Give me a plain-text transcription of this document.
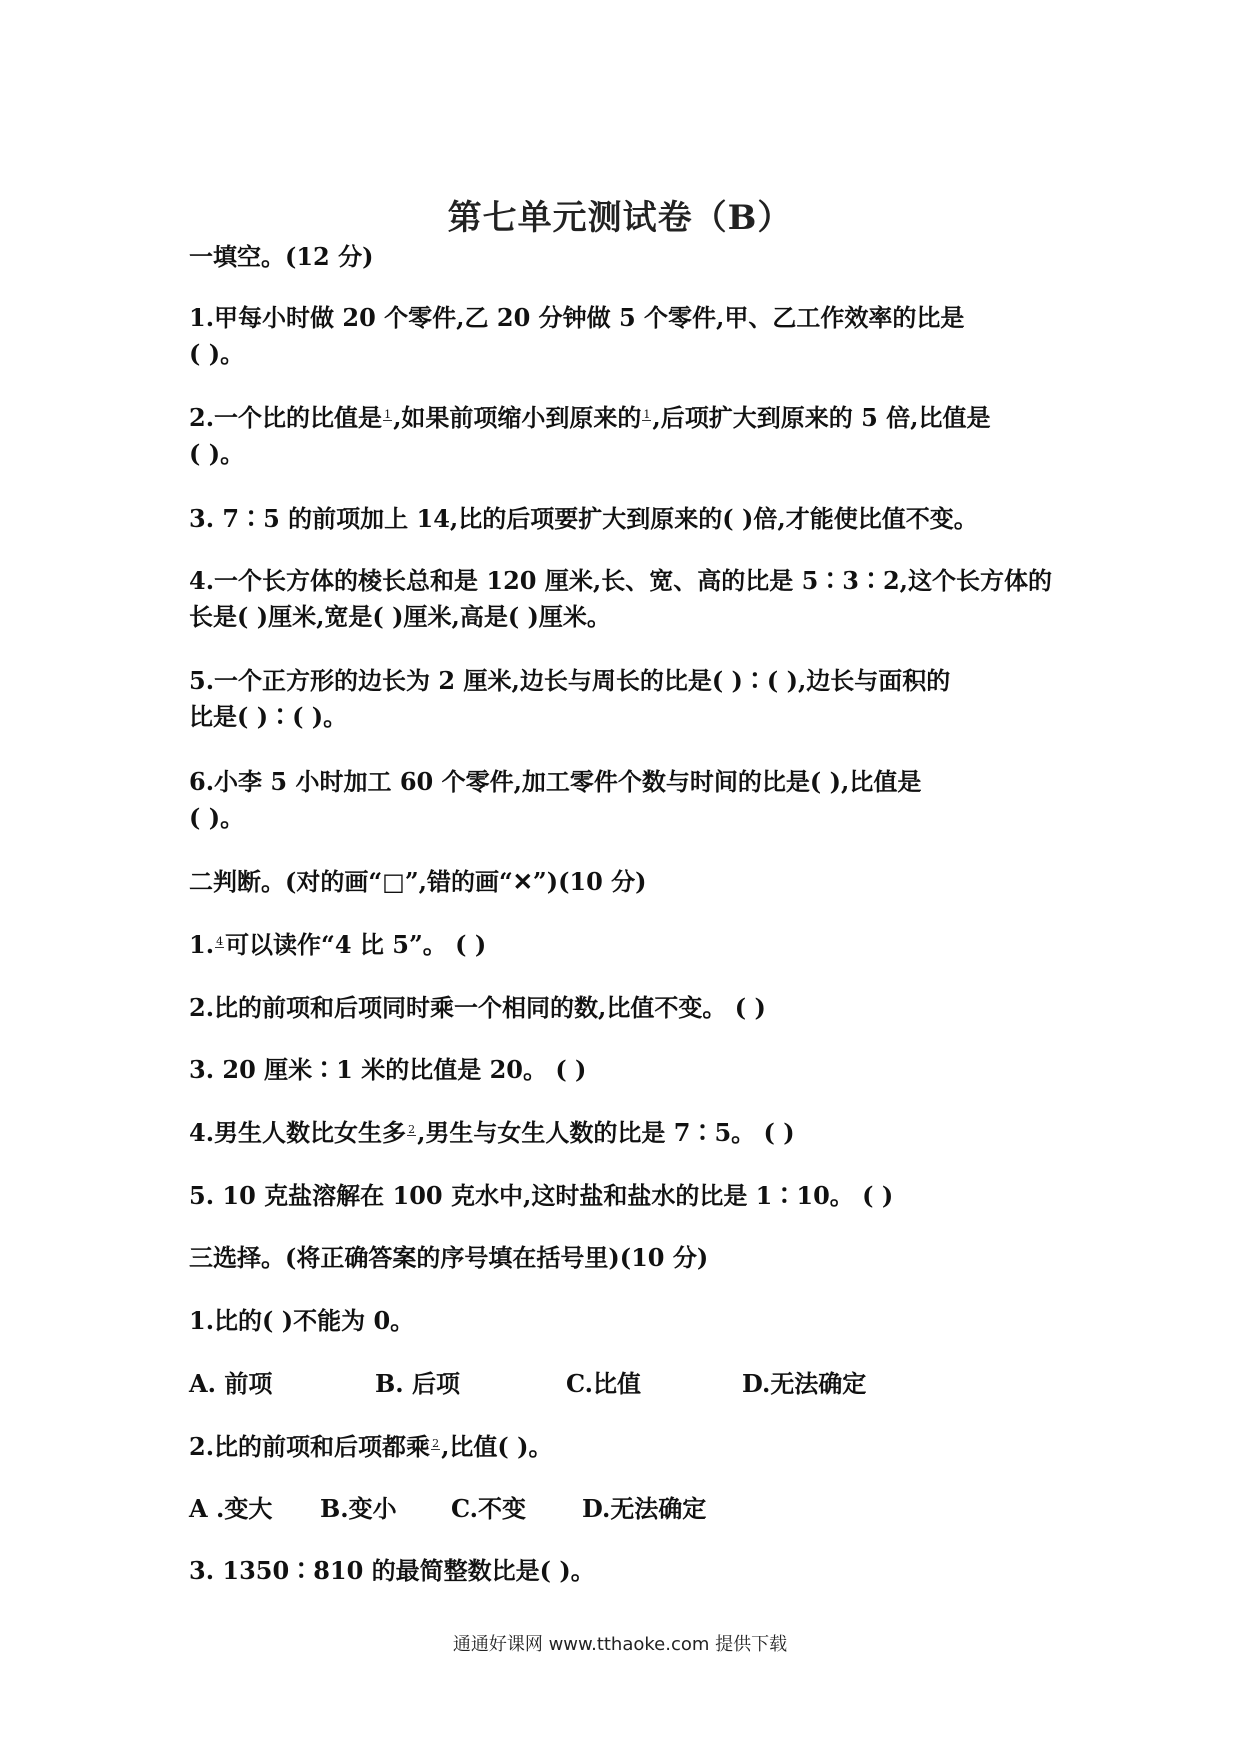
第七单元测试卷（B）
一填空。(12 分)
1.甲每小时做 20 个零件,乙 20 分钟做 5 个零件,甲、乙工作效率的比是
( )。
2.一个比的比值是 1 ,如果前项缩小到原来的 1 ,后项扩大到原来的 5 倍,比值是
( )。
3. 7∶5 的前项加上 14,比的后项要扩大到原来的( )倍,才能使比值不变。
4.一个长方体的棱长总和是 120 厘米,长、宽、高的比是 5∶3∶2,这个长方体的
长是( )厘米,宽是( )厘米,高是( )厘米。
5.一个正方形的边长为 2 厘米,边长与周长的比是( )∶( ),边长与面积的
比是( )∶( )。
6.小李 5 小时加工 60 个零件,加工零件个数与时间的比是( ),比值是
( )。
二判断。(对的画“□”,错的画“✕”)(10 分)
1. 4 可以读作“4 比 5”。 ( )
2.比的前项和后项同时乘一个相同的数,比值不变。 ( )
3. 20 厘米∶1 米的比值是 20。 ( )
4.男生人数比女生多 2 ,男生与女生人数的比是 7∶5。 ( )
5. 10 克盐溶解在 100 克水中,这时盐和盐水的比是 1∶10。 ( )
三选择。(将正确答案的序号填在括号里)(10 分)
1.比的( )不能为 0。
A. 前项	B. 后项	C.比值	D.无法确定
2.比的前项和后项都乘 2 ,比值( )。
A .变大 B.变小 C.不变 D.无法确定
3. 1350∶810 的最简整数比是( )。
通通好课网 www.tthaoke.com 提供下载
